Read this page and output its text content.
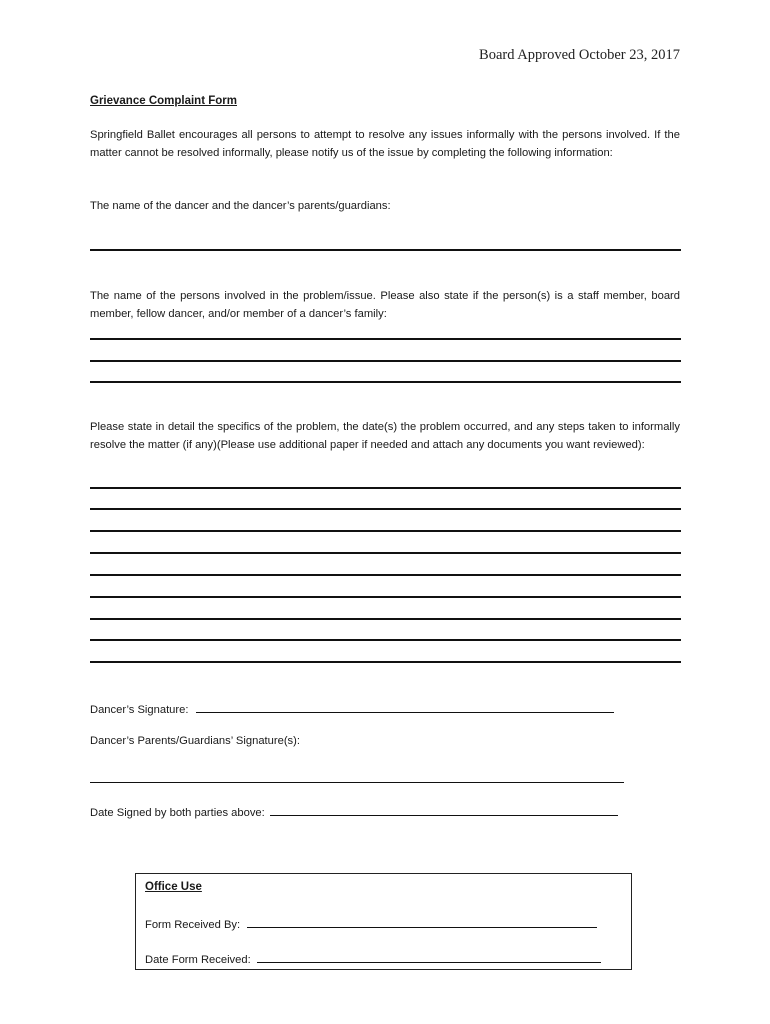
Board Approved October 23, 2017
Grievance Complaint Form

Springfield Ballet encourages all persons to attempt to resolve any issues informally with the persons involved. If the matter cannot be resolved informally, please notify us of the issue by completing the following information:

The name of the dancer and the dancer’s parents/guardians:

The name of the persons involved in the problem/issue. Please also state if the person(s) is a staff member, board member, fellow dancer, and/or member of a dancer’s family:

Please state in detail the specifics of the problem, the date(s) the problem occurred, and any steps taken to informally resolve the matter (if any)(Please use additional paper if needed and attach any documents you want reviewed):

Dancer’s Signature:
Dancer’s Parents/Guardians’ Signature(s):
Date Signed by both parties above:
Office Use
Form Received By:
Date Form Received:
